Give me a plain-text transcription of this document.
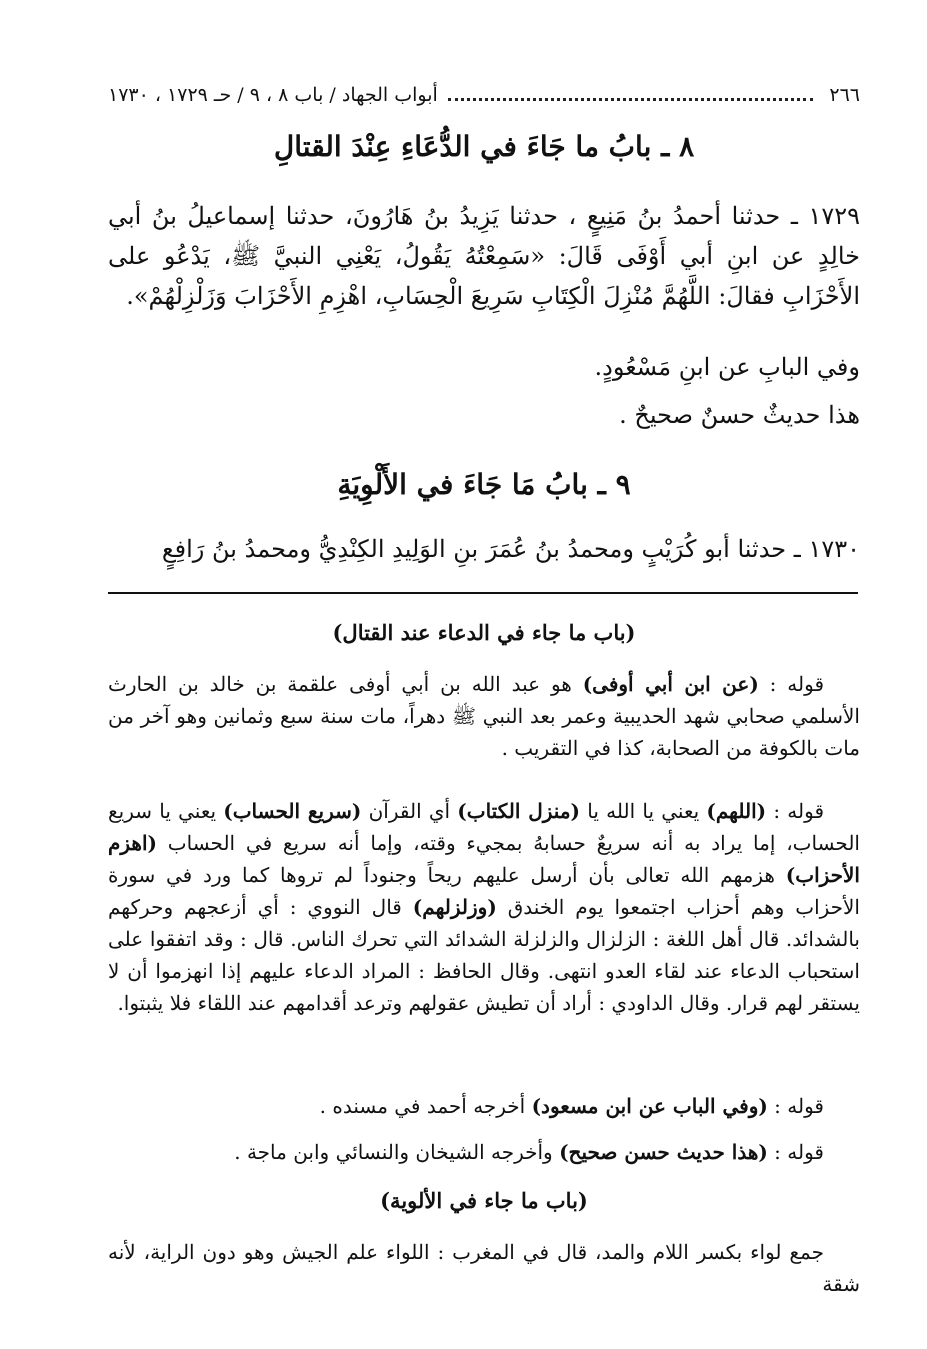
٢٦٦
أبواب الجهاد / باب ٨ ، ٩ / حـ ١٧٢٩ ، ١٧٣٠
٨ ـ بابُ ما جَاءَ في الدُّعَاءِ عِنْدَ القتالِ
١٧٢٩ ـ حدثنا أحمدُ بنُ مَنِيعٍ ، حدثنا يَزِيدُ بنُ هَارُونَ، حدثنا إسماعيلُ بنُ أبي خالِدٍ عن ابنِ أبي أَوْفَى قَالَ: «سَمِعْتُهُ يَقُولُ، يَعْنِي النبيَّ ﷺ، يَدْعُو على الأَحْزَابِ فقالَ: اللَّهُمَّ مُنْزِلَ الْكِتَابِ سَرِيعَ الْحِسَابِ، اهْزِمِ الأَحْزَابَ وَزَلْزِلْهُمْ».
وفي البابِ عن ابنِ مَسْعُودٍ.
هذا حديثٌ حسنٌ صحيحٌ .
٩ ـ بابُ مَا جَاءَ في الأَلْوِيَةِ
١٧٣٠ ـ حدثنا أبو كُرَيْبٍ ومحمدُ بنُ عُمَرَ بنِ الوَلِيدِ الكِنْدِيُّ ومحمدُ بنُ رَافِعٍ
(باب ما جاء في الدعاء عند القتال)
قوله : (عن ابن أبي أوفى) هو عبد الله بن أبي أوفى علقمة بن خالد بن الحارث الأسلمي صحابي شهد الحديبية وعمر بعد النبي ﷺ دهراً، مات سنة سبع وثمانين وهو آخر من مات بالكوفة من الصحابة، كذا في التقريب .
قوله : (اللهم) يعني يا الله يا (منزل الكتاب) أي القرآن (سريع الحساب) يعني يا سريع الحساب، إما يراد به أنه سريعٌ حسابهُ بمجيء وقته، وإما أنه سريع في الحساب (اهزم الأحزاب) هزمهم الله تعالى بأن أرسل عليهم ريحاً وجنوداً لم تروها كما ورد في سورة الأحزاب وهم أحزاب اجتمعوا يوم الخندق (وزلزلهم) قال النووي : أي أزعجهم وحركهم بالشدائد. قال أهل اللغة : الزلزال والزلزلة الشدائد التي تحرك الناس. قال : وقد اتفقوا على استحباب الدعاء عند لقاء العدو انتهى. وقال الحافظ : المراد الدعاء عليهم إذا انهزموا أن لا يستقر لهم قرار. وقال الداودي : أراد أن تطيش عقولهم وترعد أقدامهم عند اللقاء فلا يثبتوا.
قوله : (وفي الباب عن ابن مسعود) أخرجه أحمد في مسنده .
قوله : (هذا حديث حسن صحيح) وأخرجه الشيخان والنسائي وابن ماجة .
(باب ما جاء في الألوية)
جمع لواء بكسر اللام والمد، قال في المغرب : اللواء علم الجيش وهو دون الراية، لأنه شقة
